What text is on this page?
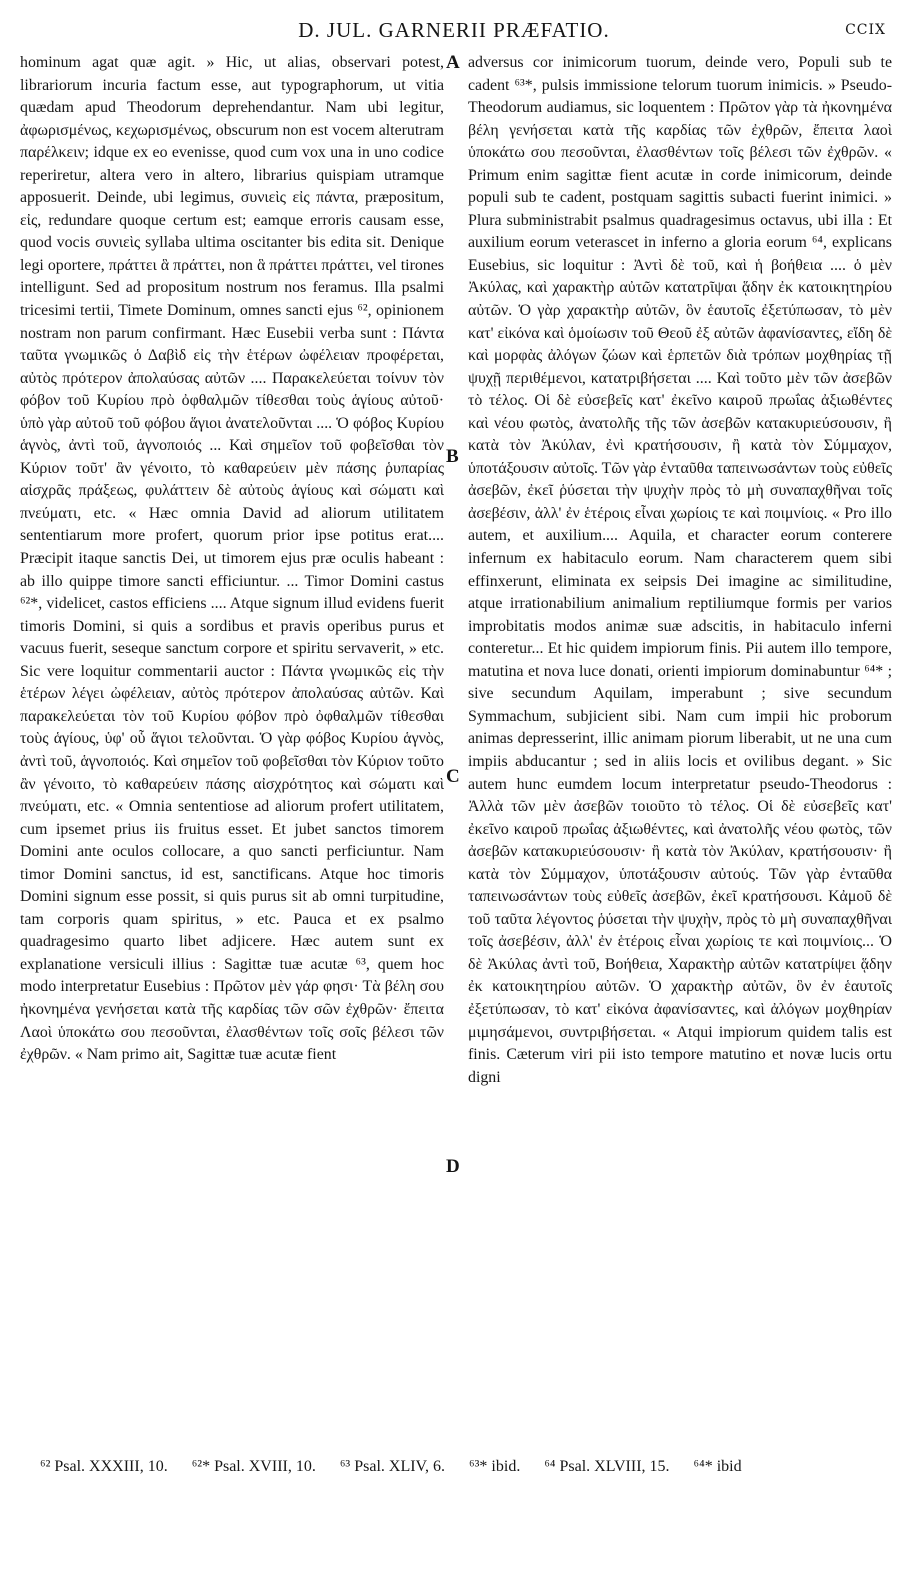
D. JUL. GARNERII PRÆFATIO.	CCIX

hominum agat quæ agit. » Hic, ut alias, observari potest, librariorum incuria factum esse, aut typographorum, ut vitia quædam apud Theodorum deprehendantur. Nam ubi legitur, ἀφωρισμένως, κεχωρισμένως, obscurum non est vocem alterutram παρέλκειν; idque ex eo evenisse, quod cum vox una in uno codice reperiretur, altera vero in altero, librarius quispiam utramque apposuerit. Deinde, ubi legimus, συνιεὶς εἰς πάντα, præpositum, εἰς, redundare quoque certum est; eamque erroris causam esse, quod vocis συνιεὶς syllaba ultima oscitanter bis edita sit. Denique legi oportere, πράττει ἃ πράττει, non ἃ πράττει πράττει, vel tirones intelligunt. Sed ad propositum nostrum nos feramus. Illa psalmi tricesimi tertii, Timete Dominum, omnes sancti ejus ⁶², opinionem nostram non parum confirmant. Hæc Eusebii verba sunt : Πάντα ταῦτα γνωμικῶς ὁ Δαβὶδ εἰς τὴν ἑτέρων ὠφέλειαν προφέρεται, αὐτὸς πρότερον ἀπολαύσας αὐτῶν .... Παρακελεύεται τοίνυν τὸν φόβον τοῦ Κυρίου πρὸ ὀφθαλμῶν τίθεσθαι τοὺς ἁγίους αὐτοῦ· ὑπὸ γὰρ αὐτοῦ τοῦ φόβου ἅγιοι ἀνατελοῦνται .... Ὁ φόβος Κυρίου ἁγνὸς, ἀντὶ τοῦ, ἁγνοποιός ... Καὶ σημεῖον τοῦ φοβεῖσθαι τὸν Κύριον τοῦτ' ἂν γένοιτο, τὸ καθαρεύειν μὲν πάσης ῥυπαρίας αἰσχρᾶς πράξεως, φυλάττειν δὲ αὐτοὺς ἁγίους καὶ σώματι καὶ πνεύματι, etc. « Hæc omnia David ad aliorum utilitatem sententiarum more profert, quorum prior ipse potitus erat.... Præcipit itaque sanctis Dei, ut timorem ejus præ oculis habeant : ab illo quippe timore sancti efficiuntur. ... Timor Domini castus ⁶²*, videlicet, castos efficiens .... Atque signum illud evidens fuerit timoris Domini, si quis a sordibus et pravis operibus purus et vacuus fuerit, seseque sanctum corpore et spiritu servaverit, » etc. Sic vere loquitur commentarii auctor : Πάντα γνωμικῶς εἰς τὴν ἑτέρων λέγει ὠφέλειαν, αὐτὸς πρότερον ἀπολαύσας αὐτῶν. Καὶ παρακελεύεται τὸν τοῦ Κυρίου φόβον πρὸ ὀφθαλμῶν τίθεσθαι τοὺς ἁγίους, ὑφ' οὗ ἅγιοι τελοῦνται. Ὁ γὰρ φόβος Κυρίου ἁγνὸς, ἀντὶ τοῦ, ἁγνοποιός. Καὶ σημεῖον τοῦ φοβεῖσθαι τὸν Κύριον τοῦτο ἂν γένοιτο, τὸ καθαρεύειν πάσης αἰσχρότητος καὶ σώματι καὶ πνεύματι, etc. « Omnia sententiose ad aliorum profert utilitatem, cum ipsemet prius iis fruitus esset. Et jubet sanctos timorem Domini ante oculos collocare, a quo sancti perficiuntur. Nam timor Domini sanctus, id est, sanctificans. Atque hoc timoris Domini signum esse possit, si quis purus sit ab omni turpitudine, tam corporis quam spiritus, » etc. Pauca et ex psalmo quadragesimo quarto libet adjicere. Hæc autem sunt ex explanatione versiculi illius : Sagittæ tuæ acutæ ⁶³, quem hoc modo interpretatur Eusebius : Πρῶτον μὲν γάρ φησι· Τὰ βέλη σου ἠκονημένα γενήσεται κατὰ τῆς καρδίας τῶν σῶν ἐχθρῶν· ἔπειτα Λαοὶ ὑποκάτω σου πεσοῦνται, ἐλασθέντων τοῖς σοῖς βέλεσι τῶν ἐχθρῶν. « Nam primo ait, Sagittæ tuæ acutæ fient

A
B
C
D

adversus cor inimicorum tuorum, deinde vero, Populi sub te cadent ⁶³*, pulsis immissione telorum tuorum inimicis. » Pseudo-Theodorum audiamus, sic loquentem : Πρῶτον γὰρ τὰ ἠκονημένα βέλη γενήσεται κατὰ τῆς καρδίας τῶν ἐχθρῶν, ἔπειτα λαοὶ ὑποκάτω σου πεσοῦνται, ἐλασθέντων τοῖς βέλεσι τῶν ἐχθρῶν. « Primum enim sagittæ fient acutæ in corde inimicorum, deinde populi sub te cadent, postquam sagittis subacti fuerint inimici. » Plura subministrabit psalmus quadragesimus octavus, ubi illa : Et auxilium eorum veterascet in inferno a gloria eorum ⁶⁴, explicans Eusebius, sic loquitur : Ἀντὶ δὲ τοῦ, καὶ ἡ βοήθεια .... ὁ μὲν Ἀκύλας, καὶ χαρακτὴρ αὐτῶν κατατρῖψαι ᾅδην ἐκ κατοικητηρίου αὐτῶν. Ὁ γὰρ χαρακτὴρ αὐτῶν, ὃν ἑαυτοῖς ἐξετύπωσαν, τὸ μὲν κατ' εἰκόνα καὶ ὁμοίωσιν τοῦ Θεοῦ ἐξ αὐτῶν ἀφανίσαντες, εἴδη δὲ καὶ μορφὰς ἀλόγων ζώων καὶ ἑρπετῶν διὰ τρόπων μοχθηρίας τῇ ψυχῇ περιθέμενοι, κατατριβήσεται .... Καὶ τοῦτο μὲν τῶν ἀσεβῶν τὸ τέλος. Οἱ δὲ εὐσεβεῖς κατ' ἐκεῖνο καιροῦ πρωΐας ἀξιωθέντες καὶ νέου φωτὸς, ἀνατολῆς τῆς τῶν ἀσεβῶν κατακυριεύσουσιν, ἢ κατὰ τὸν Ἀκύλαν, ἐνὶ κρατήσουσιν, ἢ κατὰ τὸν Σύμμαχον, ὑποτάξουσιν αὐτοῖς. Τῶν γὰρ ἐνταῦθα ταπεινωσάντων τοὺς εὐθεῖς ἀσεβῶν, ἐκεῖ ῥύσεται τὴν ψυχὴν πρὸς τὸ μὴ συναπαχθῆναι τοῖς ἀσεβέσιν, ἀλλ' ἐν ἑτέροις εἶναι χωρίοις τε καὶ ποιμνίοις. « Pro illo autem, et auxilium.... Aquila, et character eorum conterere infernum ex habitaculo eorum. Nam characterem quem sibi effinxerunt, eliminata ex seipsis Dei imagine ac similitudine, atque irrationabilium animalium reptiliumque formis per varios improbitatis modos animæ suæ adscitis, in habitaculo inferni conteretur... Et hic quidem impiorum finis. Pii autem illo tempore, matutina et nova luce donati, orienti impiorum dominabuntur ⁶⁴* ; sive secundum Aquilam, imperabunt ; sive secundum Symmachum, subjicient sibi. Nam cum impii hic proborum animas depresserint, illic animam piorum liberabit, ut ne una cum impiis abducantur ; sed in aliis locis et ovilibus degant. » Sic autem hunc eumdem locum interpretatur pseudo-Theodorus : Ἀλλὰ τῶν μὲν ἀσεβῶν τοιοῦτο τὸ τέλος. Οἱ δὲ εὐσεβεῖς κατ' ἐκεῖνο καιροῦ πρωΐας ἀξιωθέντες, καὶ ἀνατολῆς νέου φωτὸς, τῶν ἀσεβῶν κατακυριεύσουσιν· ἢ κατὰ τὸν Ἀκύλαν, κρατήσουσιν· ἢ κατὰ τὸν Σύμμαχον, ὑποτάξουσιν αὐτούς. Τῶν γὰρ ἐνταῦθα ταπεινωσάντων τοὺς εὐθεῖς ἀσεβῶν, ἐκεῖ κρατήσουσι. Κἀμοῦ δὲ τοῦ ταῦτα λέγοντος ῥύσεται τὴν ψυχὴν, πρὸς τὸ μὴ συναπαχθῆναι τοῖς ἀσεβέσιν, ἀλλ' ἐν ἑτέροις εἶναι χωρίοις τε καὶ ποιμνίοις... Ὁ δὲ Ἀκύλας ἀντὶ τοῦ, Βοήθεια, Χαρακτὴρ αὐτῶν κατατρίψει ᾅδην ἐκ κατοικητηρίου αὐτῶν. Ὁ χαρακτὴρ αὐτῶν, ὃν ἐν ἑαυτοῖς ἐξετύπωσαν, τὸ κατ' εἰκόνα ἀφανίσαντες, καὶ ἀλόγων μοχθηρίαν μιμησάμενοι, συντριβήσεται. « Atqui impiorum quidem talis est finis. Cæterum viri pii isto tempore matutino et novæ lucis ortu digni

⁶² Psal. XXXIII, 10. ⁶²* Psal. XVIII, 10. ⁶³ Psal. XLIV, 6. ⁶³* ibid. ⁶⁴ Psal. XLVIII, 15. ⁶⁴* ibid
